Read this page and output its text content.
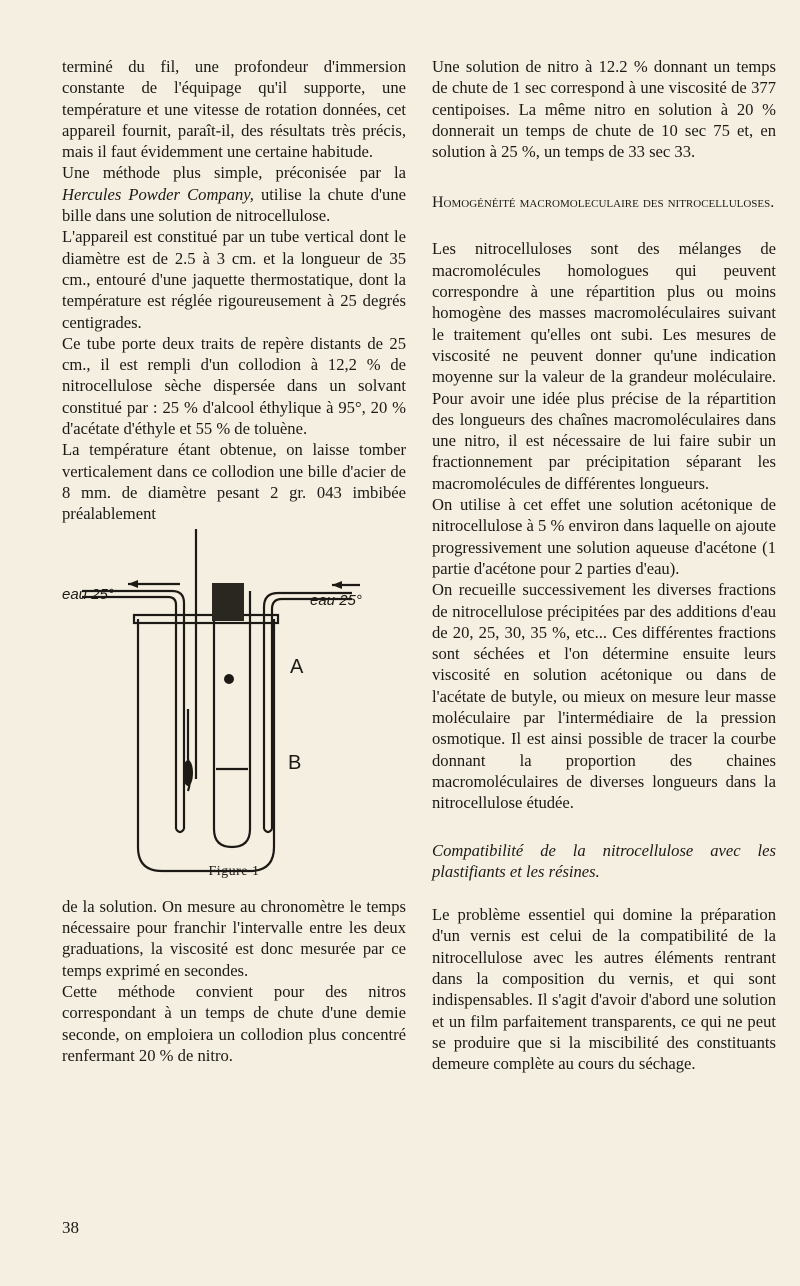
terminé du fil, une profondeur d'immersion constante de l'équipage qu'il supporte, une température et une vitesse de rotation données, cet appareil fournit, paraît-il, des résultats très précis, mais il faut évidemment une certaine habitude.

Une méthode plus simple, préconisée par la Hercules Powder Company, utilise la chute d'une bille dans une solution de nitrocellulose.

L'appareil est constitué par un tube vertical dont le diamètre est de 2.5 à 3 cm. et la longueur de 35 cm., entouré d'une jaquette thermostatique, dont la température est réglée rigoureusement à 25 degrés centigrades.

Ce tube porte deux traits de repère distants de 25 cm., il est rempli d'un collodion à 12,2 % de nitrocellulose sèche dispersée dans un solvant constitué par : 25 % d'alcool éthylique à 95°, 20 % d'acétate d'éthyle et 55 % de toluène.

La température étant obtenue, on laisse tomber verticalement dans ce collodion une bille d'acier de 8 mm. de diamètre pesant 2 gr. 043 imbibée préalablement

eau 25°	eau 25°
A
B
Figure 1

de la solution. On mesure au chronomètre le temps nécessaire pour franchir l'intervalle entre les deux graduations, la viscosité est donc mesurée par ce temps exprimé en secondes.

Cette méthode convient pour des nitros correspondant à un temps de chute d'une demie seconde, on emploiera un collodion plus concentré renfermant 20 % de nitro.

Une solution de nitro à 12.2 % donnant un temps de chute de 1 sec correspond à une viscosité de 377 centipoises. La même nitro en solution à 20 % donnerait un temps de chute de 10 sec 75 et, en solution à 25 %, un temps de 33 sec 33.

Homogénéité macromoleculaire des nitrocelluloses.

Les nitrocelluloses sont des mélanges de macromolécules homologues qui peuvent correspondre à une répartition plus ou moins homogène des masses macromoléculaires suivant le traitement qu'elles ont subi. Les mesures de viscosité ne peuvent donner qu'une indication moyenne sur la valeur de la grandeur moléculaire. Pour avoir une idée plus précise de la répartition des longueurs des chaînes macromoléculaires dans une nitro, il est nécessaire de lui faire subir un fractionnement par précipitation séparant les macromolécules de différentes longueurs.

On utilise à cet effet une solution acétonique de nitrocellulose à 5 % environ dans laquelle on ajoute progressivement une solution aqueuse d'acétone (1 partie d'acétone pour 2 parties d'eau).

On recueille successivement les diverses fractions de nitrocellulose précipitées par des additions d'eau de 20, 25, 30, 35 %, etc... Ces différentes fractions sont séchées et l'on détermine ensuite leurs viscosité en solution acétonique ou dans de l'acétate de butyle, ou mieux on mesure leur masse moléculaire par l'intermédiaire de la pression osmotique. Il est ainsi possible de tracer la courbe donnant la proportion des chaines macromoléculaires de diverses longueurs dans la nitrocellulose étudée.

Compatibilité de la nitrocellulose avec les plastifiants et les résines.

Le problème essentiel qui domine la préparation d'un vernis est celui de la compatibilité de la nitrocellulose avec les autres éléments rentrant dans la composition du vernis, et qui sont indispensables. Il s'agit d'avoir d'abord une solution et un film parfaitement transparents, ce qui ne peut se produire que si la miscibilité des constituants demeure complète au cours du séchage.

38
